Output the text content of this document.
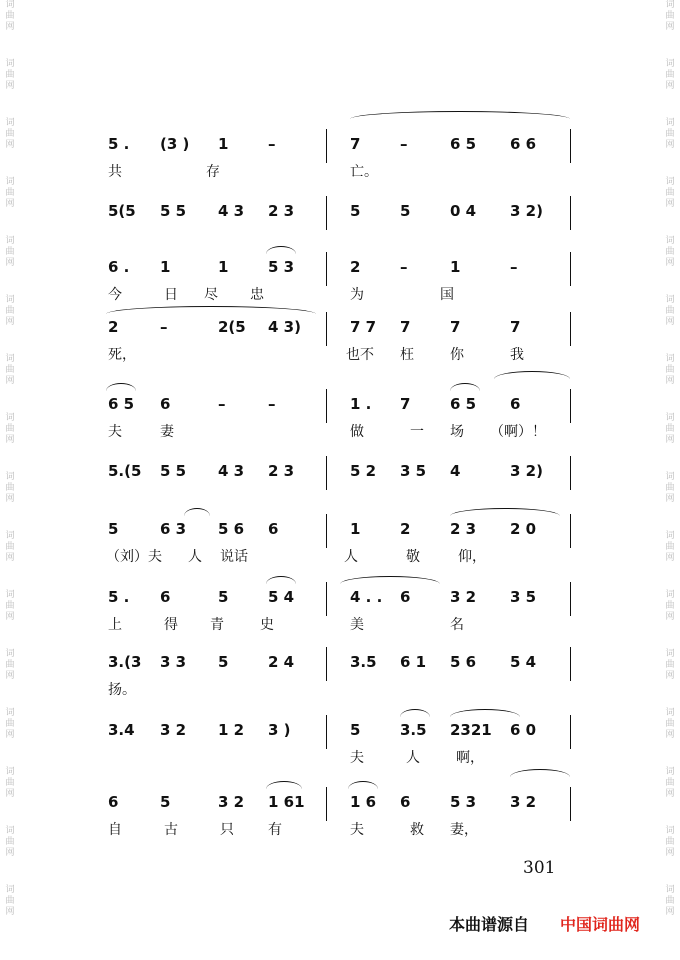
词
曲
网
词
曲
网
词
曲
网
词
曲
网
词
曲
网
词
曲
网
词
曲
网
词
曲
网
词
曲
网
词
曲
网
词
曲
网
词
曲
网
词
曲
网
词
曲
网
词
曲
网
词
曲
网
词
曲
网
词
曲
网
词
曲
网
词
曲
网
词
曲
网
词
曲
网
词
曲
网
词
曲
网
词
曲
网
词
曲
网
词
曲
网
词
曲
网
词
曲
网
词
曲
网
词
曲
网
词
曲
网
5 . (3 ) 1	–	7	–	6 5 6 6
共	存	亡。
5(5 5 5 4 3 2 3	5	5	0 4 3 2)
6 . 1	1	5 3	2	–	1	–
今	日 尽 忠	为	国
2	–	2(5 4 3)	7 7 7	7	7
死，	也不 枉	你	我
6 5 6	–	–	1 . 7	6 5 6
夫	妻	做	一 场 （啊）！
5.(5 5 5 4 3 2 3	5 2 3 5 4	3 2)
5	6 3 5 6 6	1	2	2 3 2 0
（刘）夫 人 说话	人	敬	仰，
5 . 6	5	5 4	4 . . 6	3 2 3 5
上	得 青	史	美	名
3.(3 3 3 5	2 4	3.5 6 1 5 6 5 4
扬。
3.4 3 2 1 2 3 )	5	3.5 2321 6 0
夫	人	啊，
6	5	3 2 1 61	1 6 6	5 3 3 2
自	古	只 有	夫	救 妻，
301
本曲谱源自 中国词曲网
